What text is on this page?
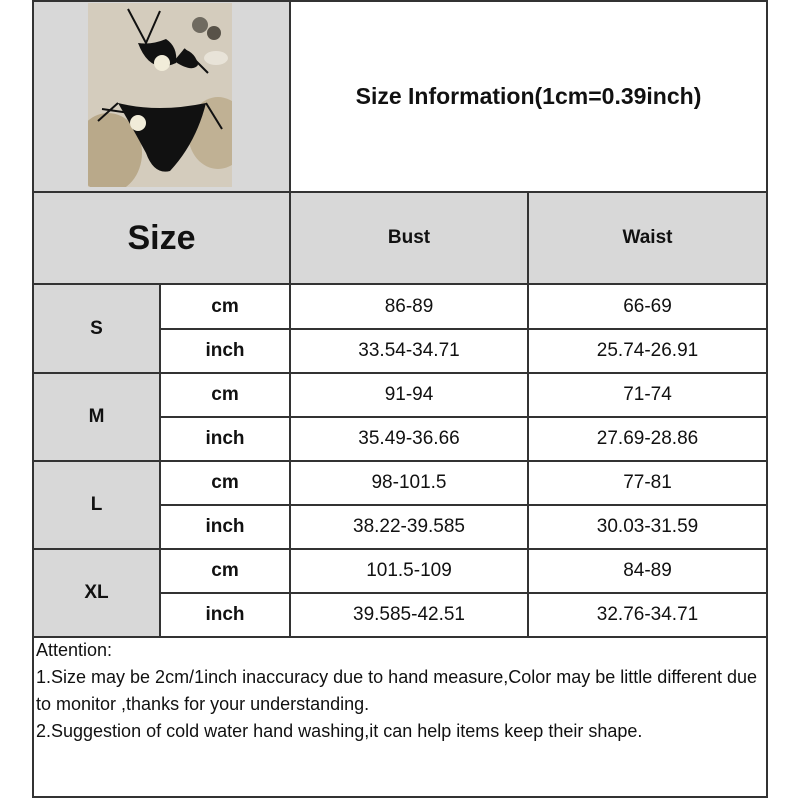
Size Information(1cm=0.39inch)
Size	Bust	Waist
S
cm	86-89	66-69
inch	33.54-34.71	25.74-26.91
M
cm	91-94	71-74
inch	35.49-36.66	27.69-28.86
L
cm	98-101.5	77-81
inch	38.22-39.585	30.03-31.59
XL
cm	101.5-109	84-89
inch	39.585-42.51	32.76-34.71

Attention:

1.Size may be 2cm/1inch inaccuracy due to hand measure,Color may be little different due to monitor ,thanks for your understanding.

2.Suggestion of cold water hand washing,it can help items keep their shape.
